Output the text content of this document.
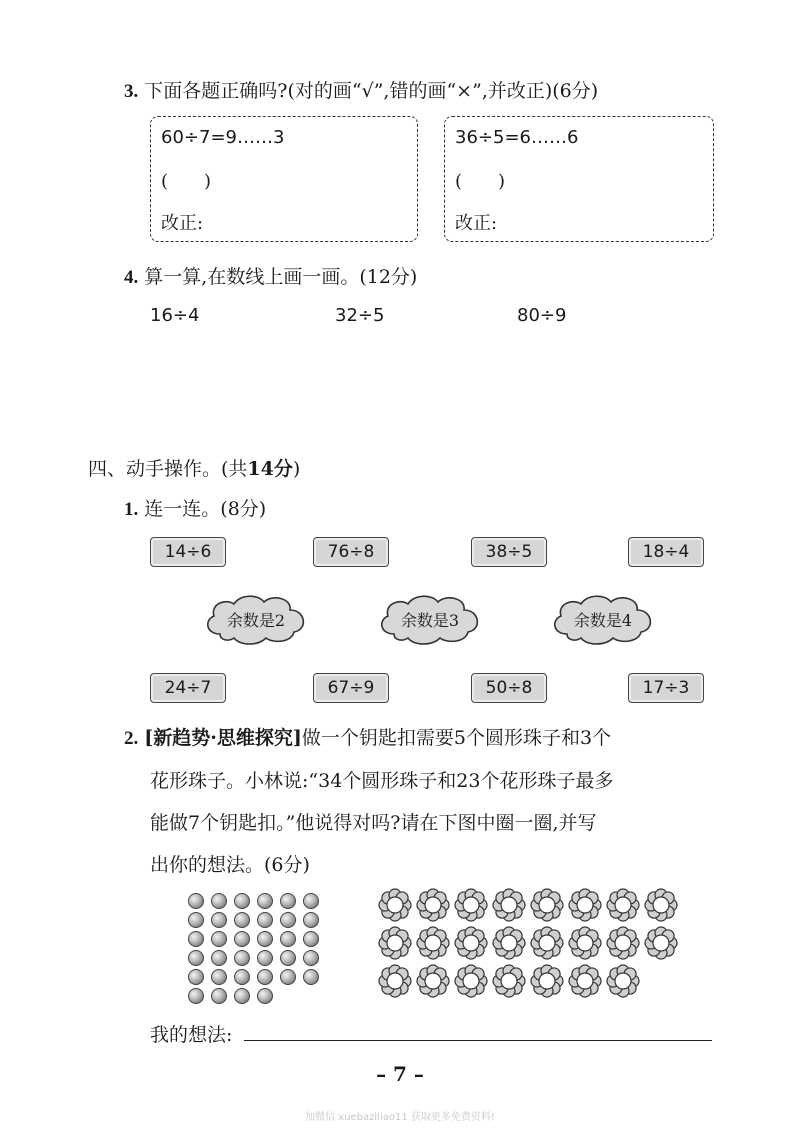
3. 下面各题正确吗?(对的画“√”,错的画“×”,并改正)(6分)
60÷7=9……3
(　　)
改正:
36÷5=6……6
(　　)
改正:
4. 算一算,在数线上画一画。(12分)
16÷4	32÷5	80÷9
四、动手操作。(共14分)
1. 连一连。(8分)
14÷6	76÷8	38÷5	18÷4
余数是2	余数是3	余数是4
24÷7	67÷9	50÷8	17÷3
2. [新趋势·思维探究]做一个钥匙扣需要5个圆形珠子和3个
花形珠子。小林说:“34个圆形珠子和23个花形珠子最多
能做7个钥匙扣。”他说得对吗?请在下图中圈一圈,并写
出你的想法。(6分)
我的想法:
– 7 –
加微信 xuebazlliao11 获取更多免费资料!
